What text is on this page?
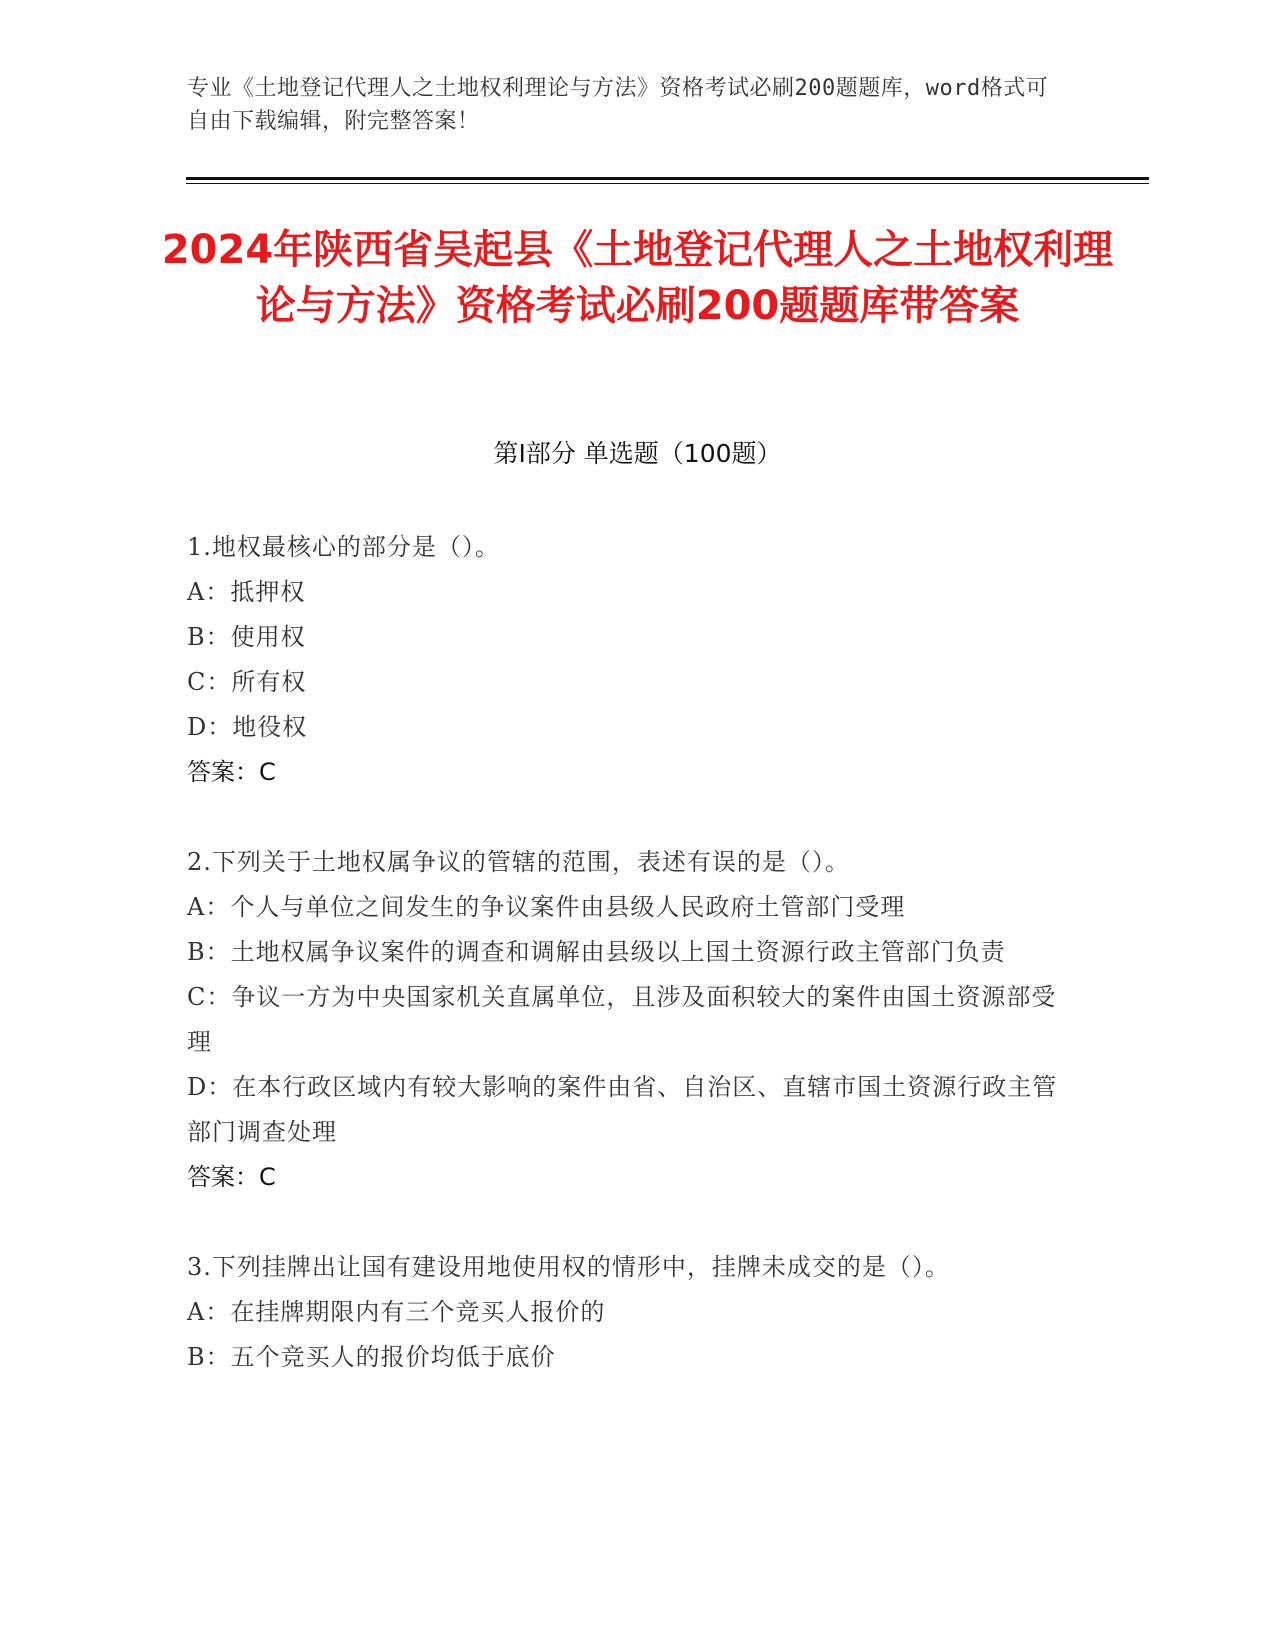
专业《土地登记代理人之土地权利理论与方法》资格考试必刷200题题库，word格式可自由下载编辑，附完整答案！
2024年陕西省吴起县《土地登记代理人之土地权利理论与方法》资格考试必刷200题题库带答案
第Ⅰ部分 单选题（100题）
1.地权最核心的部分是（）。
A：抵押权
B：使用权
C：所有权
D：地役权
答案：C
2.下列关于土地权属争议的管辖的范围，表述有误的是（）。
A：个人与单位之间发生的争议案件由县级人民政府土管部门受理
B：土地权属争议案件的调查和调解由县级以上国土资源行政主管部门负责
C：争议一方为中央国家机关直属单位，且涉及面积较大的案件由国土资源部受理
D：在本行政区域内有较大影响的案件由省、自治区、直辖市国土资源行政主管部门调查处理
答案：C
3.下列挂牌出让国有建设用地使用权的情形中，挂牌未成交的是（）。
A：在挂牌期限内有三个竞买人报价的
B：五个竞买人的报价均低于底价
